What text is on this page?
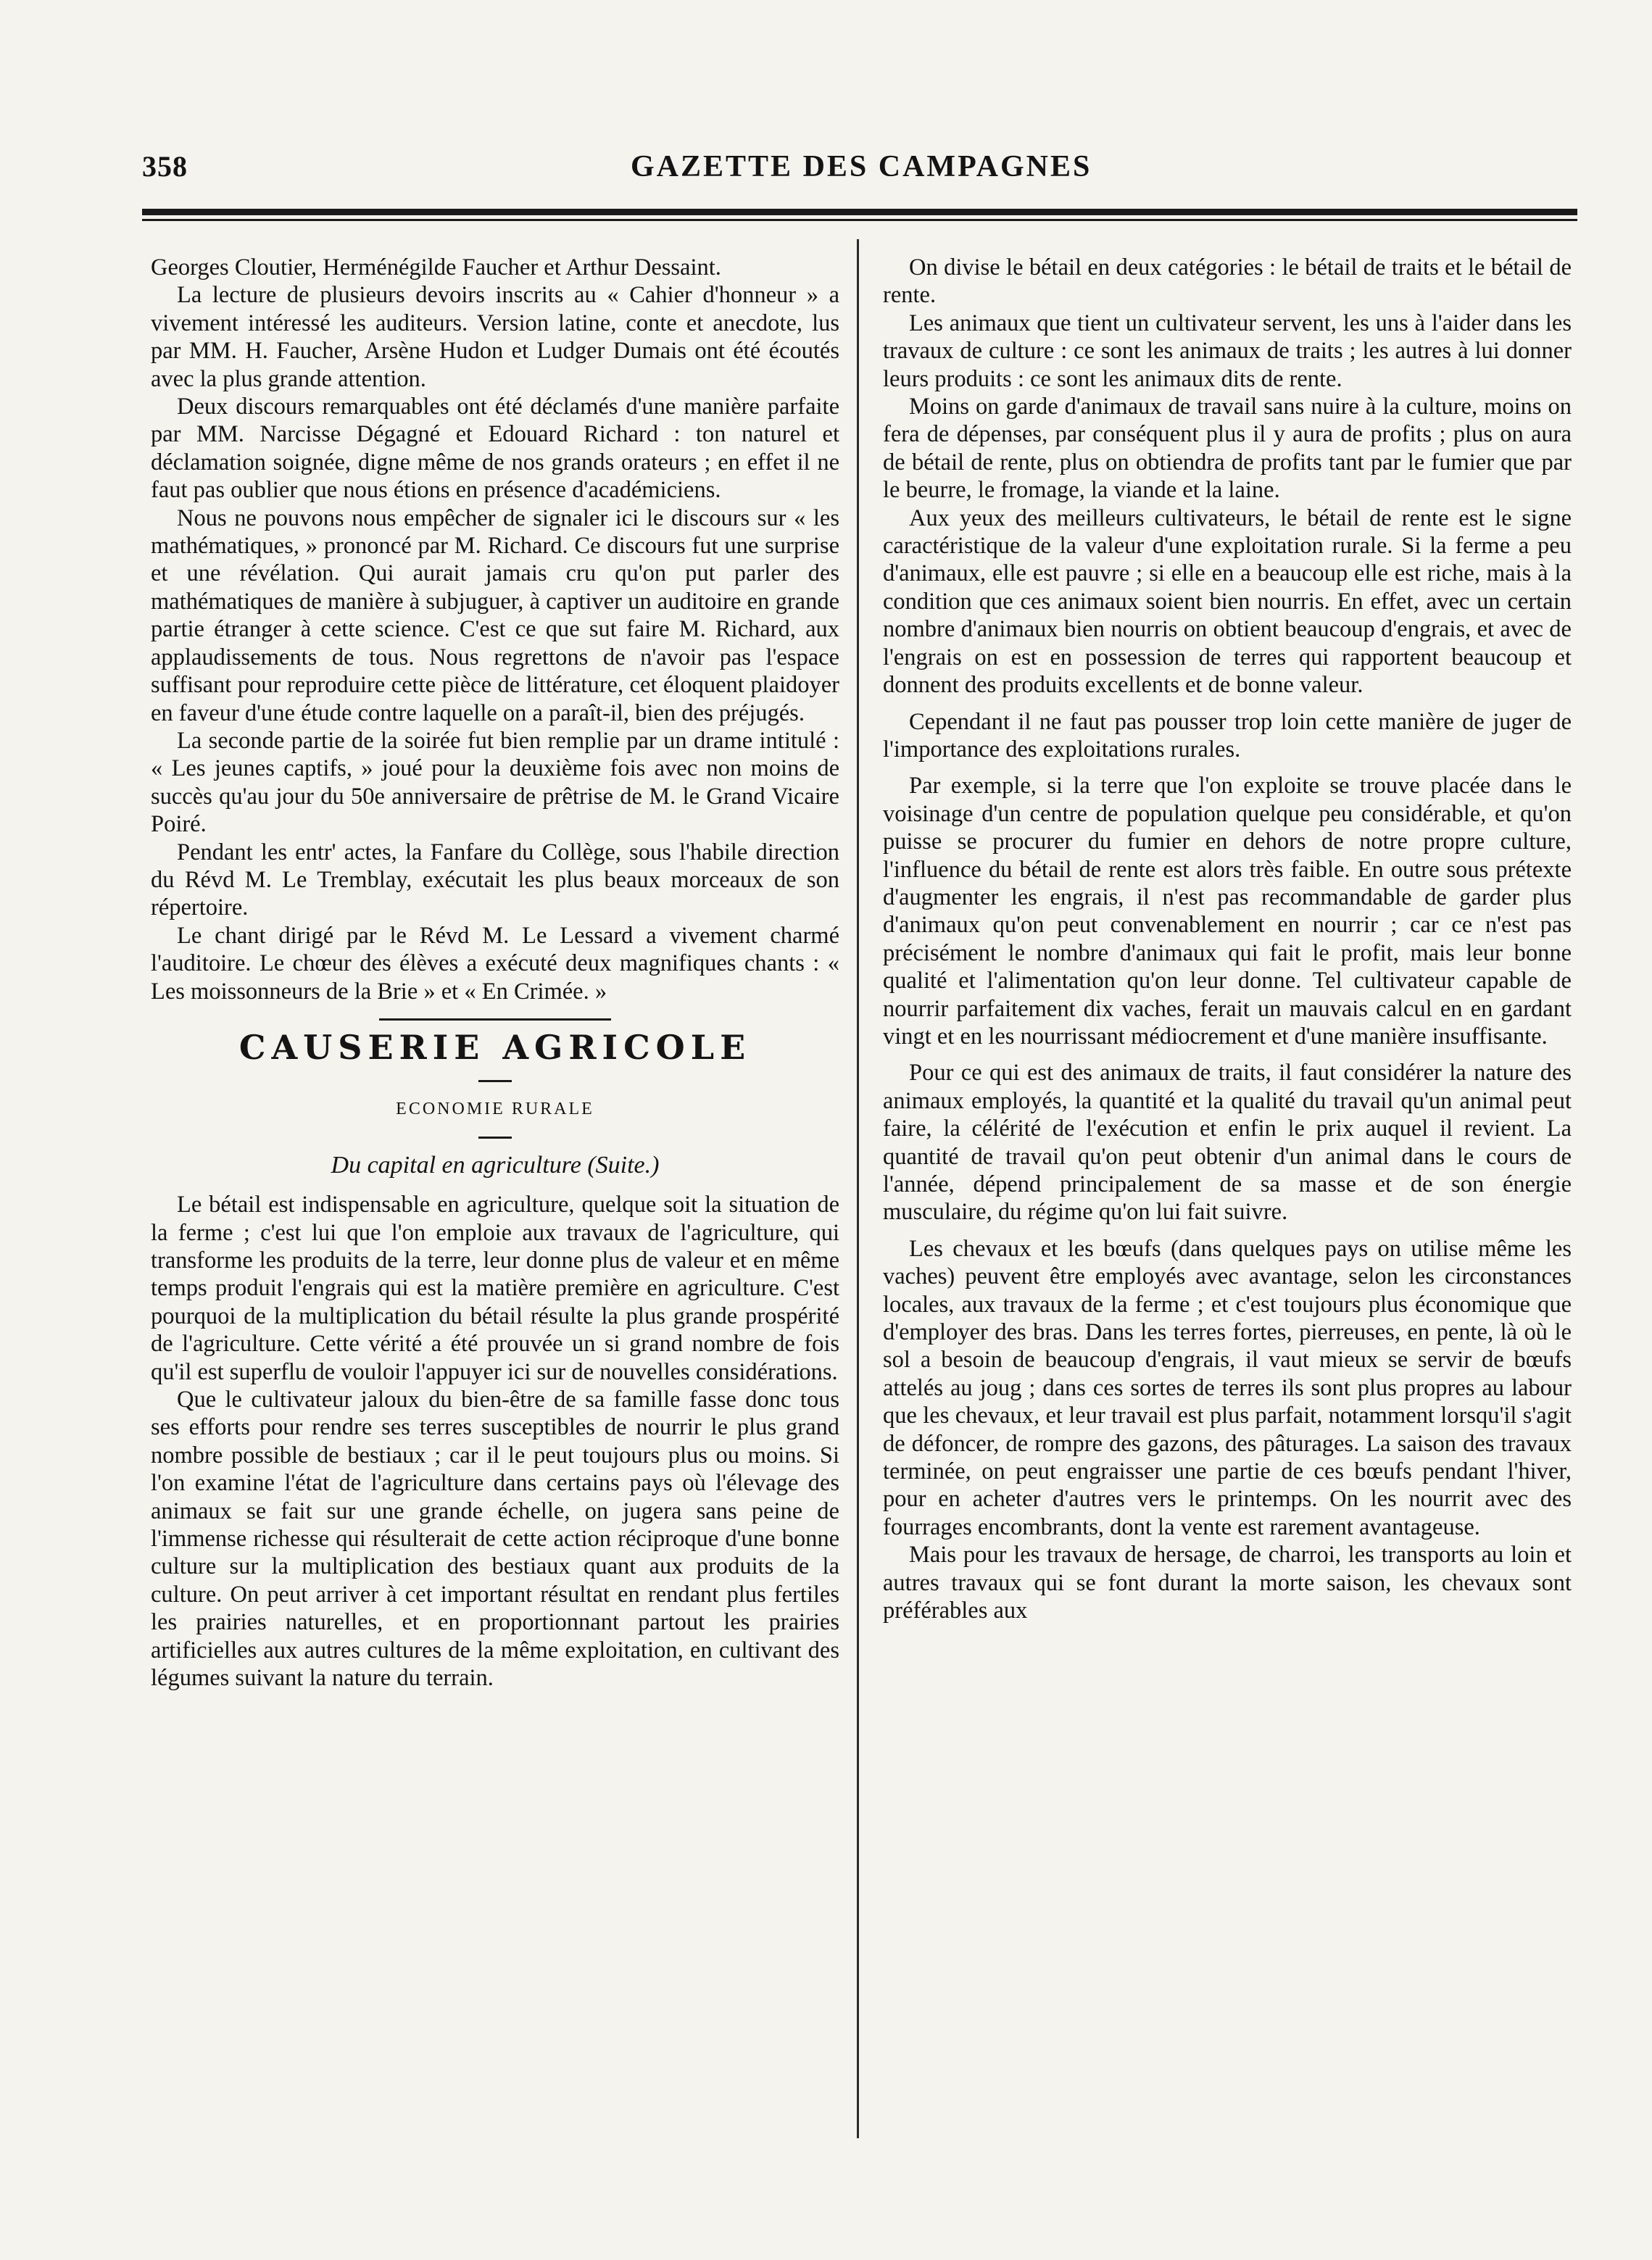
358	GAZETTE DES CAMPAGNES

Georges Cloutier, Herménégilde Faucher et Arthur Dessaint.

La lecture de plusieurs devoirs inscrits au « Cahier d'honneur » a vivement intéressé les auditeurs. Version latine, conte et anecdote, lus par MM. H. Faucher, Arsène Hudon et Ludger Dumais ont été écoutés avec la plus grande attention.

Deux discours remarquables ont été déclamés d'une manière parfaite par MM. Narcisse Dégagné et Edouard Richard : ton naturel et déclamation soignée, digne même de nos grands orateurs ; en effet il ne faut pas oublier que nous étions en présence d'académiciens.

Nous ne pouvons nous empêcher de signaler ici le discours sur « les mathématiques, » prononcé par M. Richard. Ce discours fut une surprise et une révélation. Qui aurait jamais cru qu'on put parler des mathématiques de manière à subjuguer, à captiver un auditoire en grande partie étranger à cette science. C'est ce que sut faire M. Richard, aux applaudissements de tous. Nous regrettons de n'avoir pas l'espace suffisant pour reproduire cette pièce de littérature, cet éloquent plaidoyer en faveur d'une étude contre laquelle on a paraît-il, bien des préjugés.

La seconde partie de la soirée fut bien remplie par un drame intitulé : « Les jeunes captifs, » joué pour la deuxième fois avec non moins de succès qu'au jour du 50e anniversaire de prêtrise de M. le Grand Vicaire Poiré.

Pendant les entr' actes, la Fanfare du Collège, sous l'habile direction du Révd M. Le Tremblay, exécutait les plus beaux morceaux de son répertoire.

Le chant dirigé par le Révd M. Le Lessard a vivement charmé l'auditoire. Le chœur des élèves a exécuté deux magnifiques chants : « Les moissonneurs de la Brie » et « En Crimée. »

CAUSERIE AGRICOLE
ECONOMIE RURALE
Du capital en agriculture (Suite.)

Le bétail est indispensable en agriculture, quelque soit la situation de la ferme ; c'est lui que l'on emploie aux travaux de l'agriculture, qui transforme les produits de la terre, leur donne plus de valeur et en même temps produit l'engrais qui est la matière première en agriculture. C'est pourquoi de la multiplication du bétail résulte la plus grande prospérité de l'agriculture. Cette vérité a été prouvée un si grand nombre de fois qu'il est superflu de vouloir l'appuyer ici sur de nouvelles considérations.

Que le cultivateur jaloux du bien-être de sa famille fasse donc tous ses efforts pour rendre ses terres susceptibles de nourrir le plus grand nombre possible de bestiaux ; car il le peut toujours plus ou moins. Si l'on examine l'état de l'agriculture dans certains pays où l'élevage des animaux se fait sur une grande échelle, on jugera sans peine de l'immense richesse qui résulterait de cette action réciproque d'une bonne culture sur la multiplication des bestiaux quant aux produits de la culture. On peut arriver à cet important résultat en rendant plus fertiles les prairies naturelles, et en proportionnant partout les prairies artificielles aux autres cultures de la même exploitation, en cultivant des légumes suivant la nature du terrain.

On divise le bétail en deux catégories : le bétail de traits et le bétail de rente.

Les animaux que tient un cultivateur servent, les uns à l'aider dans les travaux de culture : ce sont les animaux de traits ; les autres à lui donner leurs produits : ce sont les animaux dits de rente.

Moins on garde d'animaux de travail sans nuire à la culture, moins on fera de dépenses, par conséquent plus il y aura de profits ; plus on aura de bétail de rente, plus on obtiendra de profits tant par le fumier que par le beurre, le fromage, la viande et la laine.

Aux yeux des meilleurs cultivateurs, le bétail de rente est le signe caractéristique de la valeur d'une exploitation rurale. Si la ferme a peu d'animaux, elle est pauvre ; si elle en a beaucoup elle est riche, mais à la condition que ces animaux soient bien nourris. En effet, avec un certain nombre d'animaux bien nourris on obtient beaucoup d'engrais, et avec de l'engrais on est en possession de terres qui rapportent beaucoup et donnent des produits excellents et de bonne valeur.

Cependant il ne faut pas pousser trop loin cette manière de juger de l'importance des exploitations rurales.

Par exemple, si la terre que l'on exploite se trouve placée dans le voisinage d'un centre de population quelque peu considérable, et qu'on puisse se procurer du fumier en dehors de notre propre culture, l'influence du bétail de rente est alors très faible. En outre sous prétexte d'augmenter les engrais, il n'est pas recommandable de garder plus d'animaux qu'on peut convenablement en nourrir ; car ce n'est pas précisément le nombre d'animaux qui fait le profit, mais leur bonne qualité et l'alimentation qu'on leur donne. Tel cultivateur capable de nourrir parfaitement dix vaches, ferait un mauvais calcul en en gardant vingt et en les nourrissant médiocrement et d'une manière insuffisante.

Pour ce qui est des animaux de traits, il faut considérer la nature des animaux employés, la quantité et la qualité du travail qu'un animal peut faire, la célérité de l'exécution et enfin le prix auquel il revient. La quantité de travail qu'on peut obtenir d'un animal dans le cours de l'année, dépend principalement de sa masse et de son énergie musculaire, du régime qu'on lui fait suivre.

Les chevaux et les bœufs (dans quelques pays on utilise même les vaches) peuvent être employés avec avantage, selon les circonstances locales, aux travaux de la ferme ; et c'est toujours plus économique que d'employer des bras. Dans les terres fortes, pierreuses, en pente, là où le sol a besoin de beaucoup d'engrais, il vaut mieux se servir de bœufs attelés au joug ; dans ces sortes de terres ils sont plus propres au labour que les chevaux, et leur travail est plus parfait, notamment lorsqu'il s'agit de défoncer, de rompre des gazons, des pâturages. La saison des travaux terminée, on peut engraisser une partie de ces bœufs pendant l'hiver, pour en acheter d'autres vers le printemps. On les nourrit avec des fourrages encombrants, dont la vente est rarement avantageuse.

Mais pour les travaux de hersage, de charroi, les transports au loin et autres travaux qui se font durant la morte saison, les chevaux sont préférables aux
